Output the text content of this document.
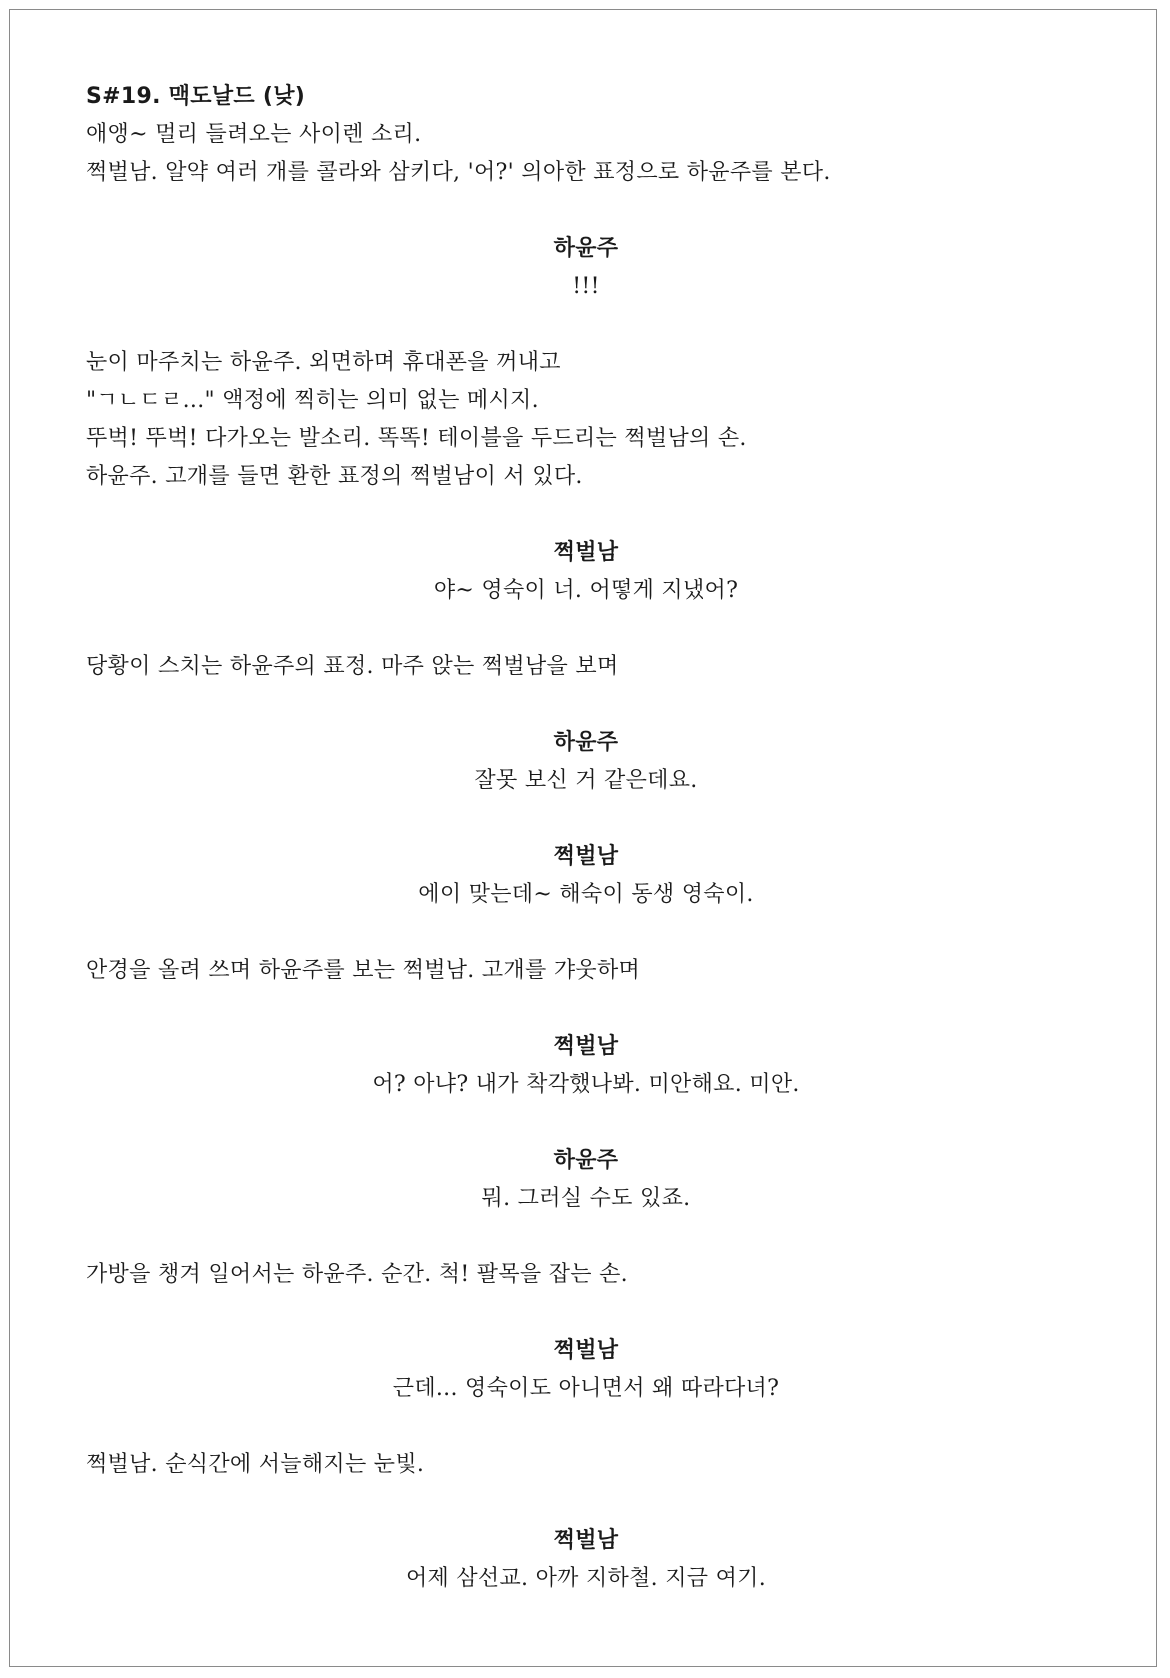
S#19. 맥도날드 (낮)
애앵~ 멀리 들려오는 사이렌 소리.
쩍벌남. 알약 여러 개를 콜라와 삼키다, '어?' 의아한 표정으로 하윤주를 본다.
하윤주
!!!
눈이 마주치는 하윤주. 외면하며 휴대폰을 꺼내고
"ㄱㄴㄷㄹ..." 액정에 찍히는 의미 없는 메시지.
뚜벅! 뚜벅! 다가오는 발소리. 똑똑! 테이블을 두드리는 쩍벌남의 손.
하윤주. 고개를 들면 환한 표정의 쩍벌남이 서 있다.
쩍벌남
야~ 영숙이 너. 어떻게 지냈어?
당황이 스치는 하윤주의 표정. 마주 앉는 쩍벌남을 보며
하윤주
잘못 보신 거 같은데요.
쩍벌남
에이 맞는데~ 해숙이 동생 영숙이.
안경을 올려 쓰며 하윤주를 보는 쩍벌남. 고개를 갸웃하며
쩍벌남
어? 아냐? 내가 착각했나봐. 미안해요. 미안.
하윤주
뭐. 그러실 수도 있죠.
가방을 챙겨 일어서는 하윤주. 순간. 척! 팔목을 잡는 손.
쩍벌남
근데... 영숙이도 아니면서 왜 따라다녀?
쩍벌남. 순식간에 서늘해지는 눈빛.
쩍벌남
어제 삼선교. 아까 지하철. 지금 여기.
